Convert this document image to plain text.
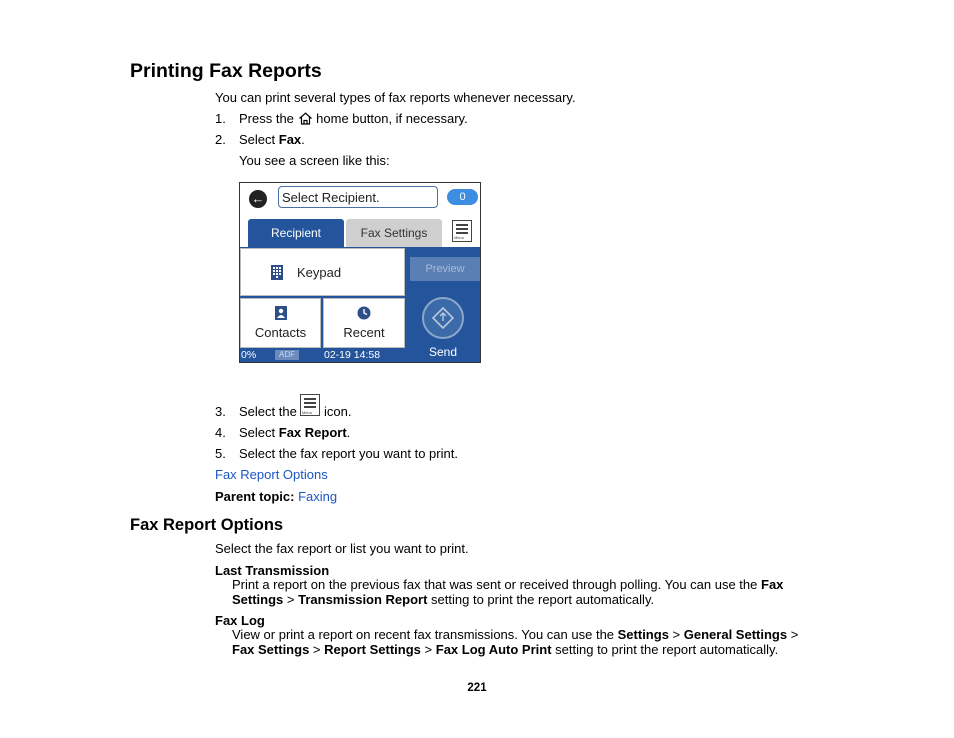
Printing Fax Reports
You can print several types of fax reports whenever necessary.
1. Press the home button, if necessary.
2. Select Fax.
You see a screen like this:
←	Select Recipient.	0
Recipient	Fax Settings	Menu
Keypad
Contacts	Recent
Preview
Send
0%	ADF	02-19 14:58
3. Select the Menu icon.
4. Select Fax Report.
5. Select the fax report you want to print.
Fax Report Options
Parent topic: Faxing
Fax Report Options
Select the fax report or list you want to print.
Last Transmission
Print a report on the previous fax that was sent or received through polling. You can use the Fax
Settings > Transmission Report setting to print the report automatically.
Fax Log
View or print a report on recent fax transmissions. You can use the Settings > General Settings >
Fax Settings > Report Settings > Fax Log Auto Print setting to print the report automatically.
221
